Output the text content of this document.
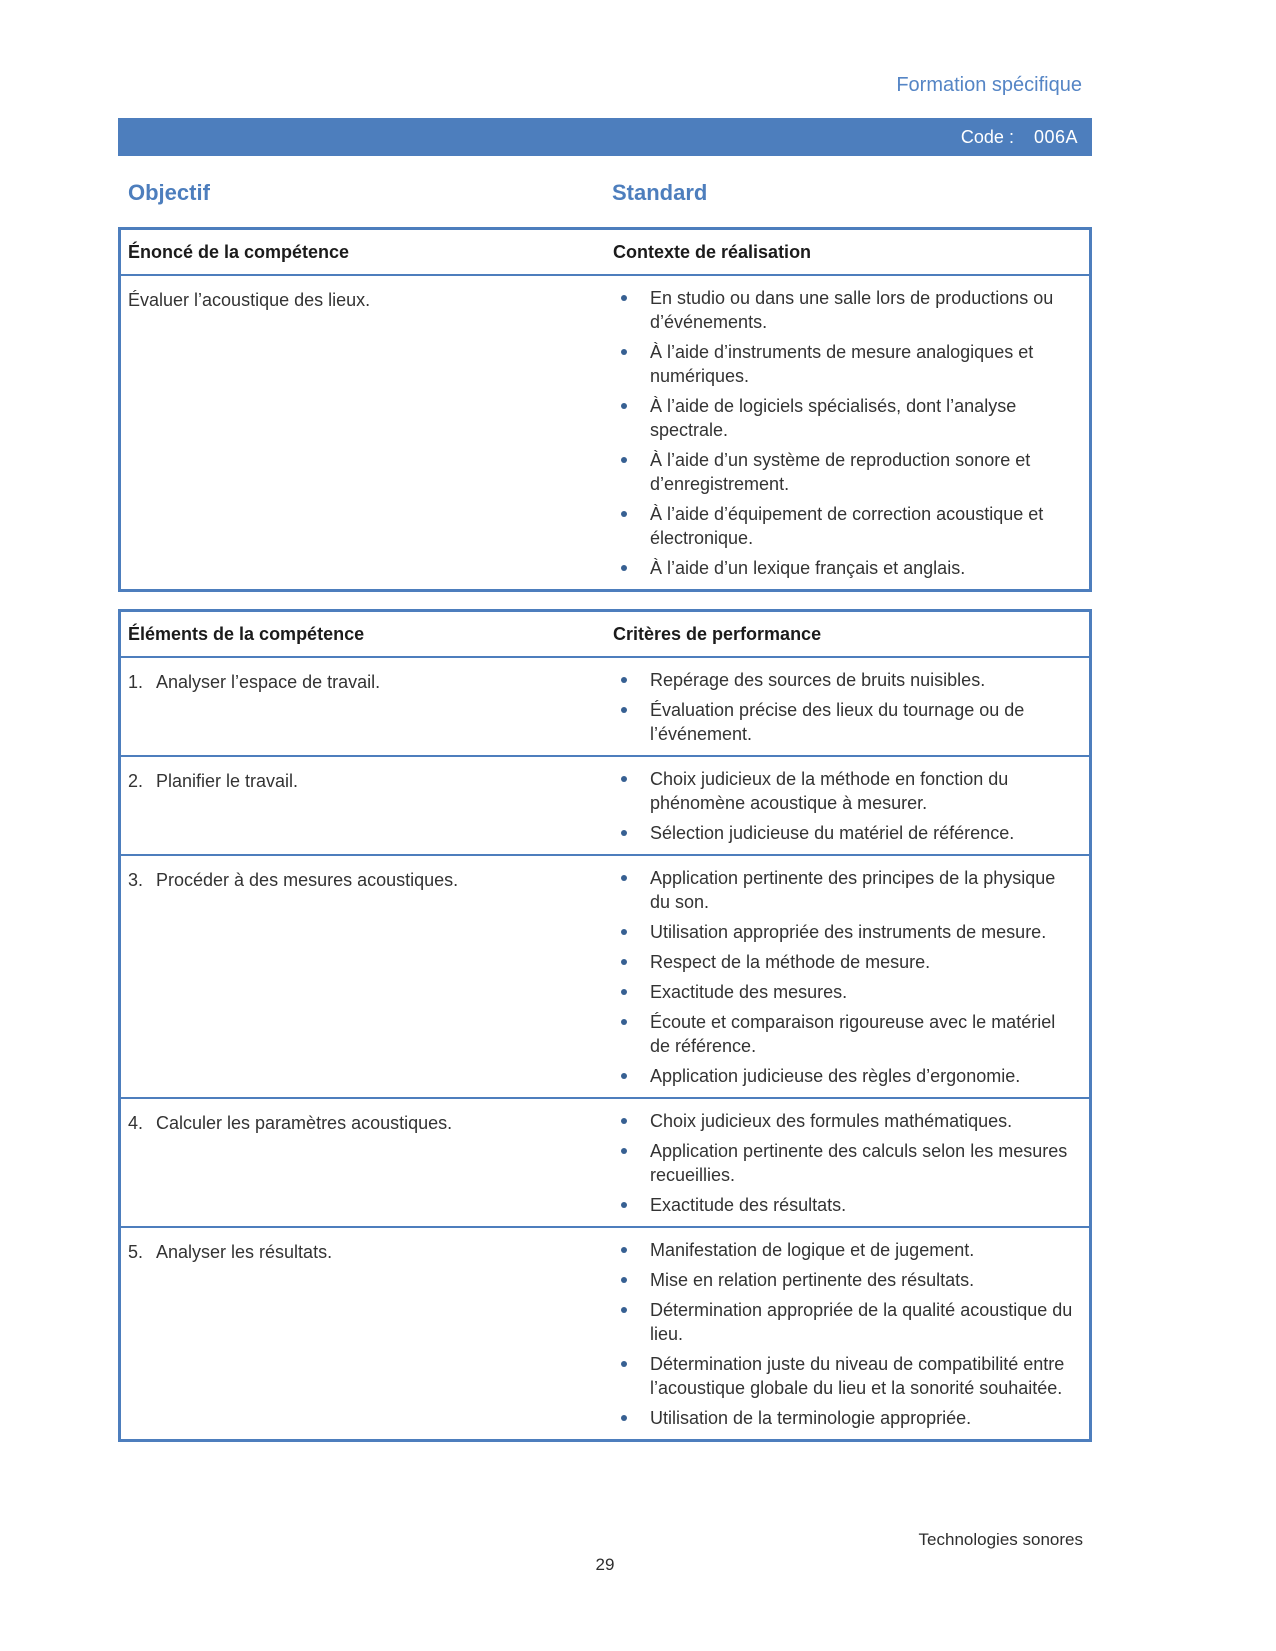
Formation spécifique
Code : 006A
Objectif	Standard
Énoncé de la compétence	Contexte de réalisation
Évaluer l’acoustique des lieux.	En studio ou dans une salle lors de productions ou d’événements.
À l’aide d’instruments de mesure analogiques et numériques.
À l’aide de logiciels spécialisés, dont l’analyse spectrale.
À l’aide d’un système de reproduction sonore et d’enregistrement.
À l’aide d’équipement de correction acoustique et électronique.
À l’aide d’un lexique français et anglais.
Éléments de la compétence	Critères de performance
1. Analyser l’espace de travail.	Repérage des sources de bruits nuisibles.
Évaluation précise des lieux du tournage ou de l’événement.
2. Planifier le travail.	Choix judicieux de la méthode en fonction du phénomène acoustique à mesurer.
Sélection judicieuse du matériel de référence.
3. Procéder à des mesures acoustiques.	Application pertinente des principes de la physique du son.
Utilisation appropriée des instruments de mesure.
Respect de la méthode de mesure.
Exactitude des mesures.
Écoute et comparaison rigoureuse avec le matériel de référence.
Application judicieuse des règles d’ergonomie.
4. Calculer les paramètres acoustiques.	Choix judicieux des formules mathématiques.
Application pertinente des calculs selon les mesures recueillies.
Exactitude des résultats.
5. Analyser les résultats.	Manifestation de logique et de jugement.
Mise en relation pertinente des résultats.
Détermination appropriée de la qualité acoustique du lieu.
Détermination juste du niveau de compatibilité entre l’acoustique globale du lieu et la sonorité souhaitée.
Utilisation de la terminologie appropriée.
Technologies sonores
29
